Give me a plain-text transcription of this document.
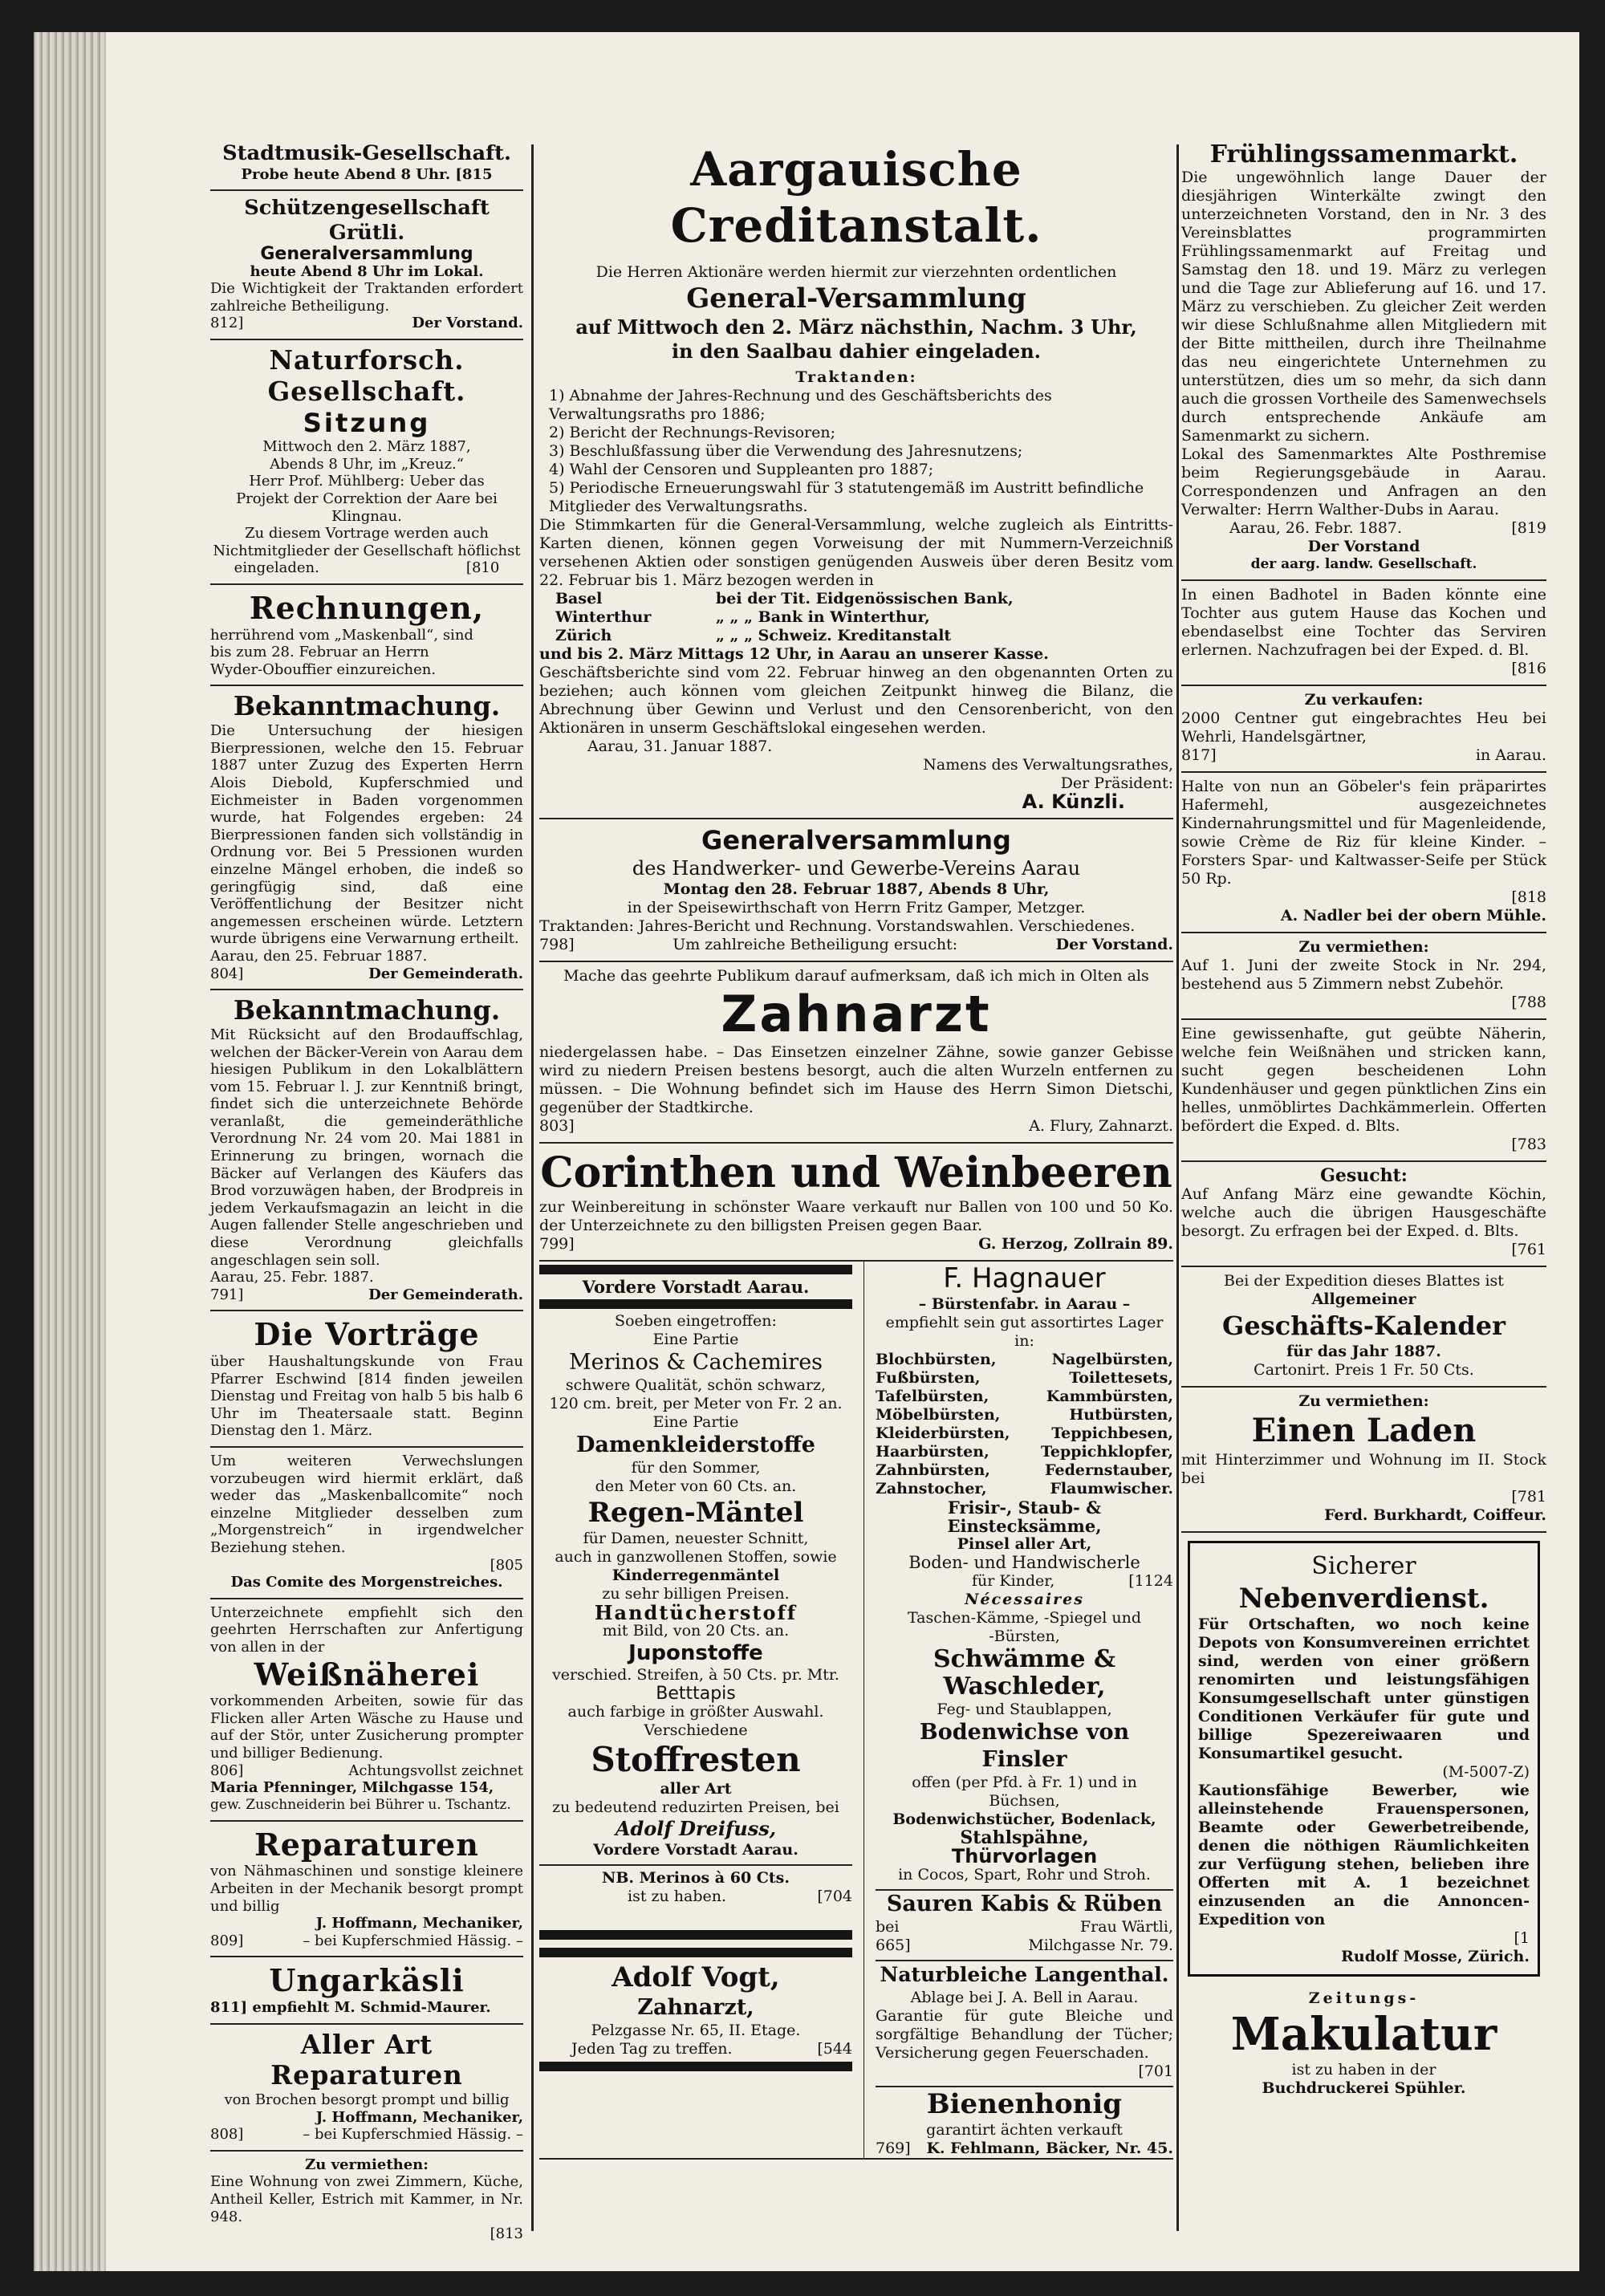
Stadtmusik-Gesellschaft.
Probe heute Abend 8 Uhr. [815
Schützengesellschaft Grütli.
Generalversammlung
heute Abend 8 Uhr im Lokal.
Die Wichtigkeit der Traktanden erfordert zahlreiche Betheiligung.
812]	Der Vorstand.
Naturforsch. Gesellschaft.
Sitzung
Mittwoch den 2. März 1887,
Abends 8 Uhr, im „Kreuz.“
Herr Prof. Mühlberg: Ueber das
Projekt der Correktion der Aare bei
Klingnau.
Zu diesem Vortrage werden auch
Nichtmitglieder der Gesellschaft höflichst
eingeladen.                                [810
Rechnungen,
herrührend vom „Maskenball“, sind
bis zum 28. Februar an Herrn
Wyder-Obouffier einzureichen.
Bekanntmachung.
Die Untersuchung der hiesigen Bierpressionen, welche den 15. Februar 1887 unter Zuzug des Experten Herrn Alois Diebold, Kupferschmied und Eichmeister in Baden vorgenommen wurde, hat Folgendes ergeben: 24 Bierpressionen fanden sich vollständig in Ordnung vor. Bei 5 Pressionen wurden einzelne Mängel erhoben, die indeß so geringfügig sind, daß eine Veröffentlichung der Besitzer nicht angemessen erscheinen würde. Letztern wurde übrigens eine Verwarnung ertheilt.
Aarau, den 25. Februar 1887.
804]	Der Gemeinderath.
Bekanntmachung.
Mit Rücksicht auf den Brodauffschlag, welchen der Bäcker-Verein von Aarau dem hiesigen Publikum in den Lokalblättern vom 15. Februar l. J. zur Kenntniß bringt, findet sich die unterzeichnete Behörde veranlaßt, die gemeinderäthliche Verordnung Nr. 24 vom 20. Mai 1881 in Erinnerung zu bringen, wornach die Bäcker auf Verlangen des Käufers das Brod vorzuwägen haben, der Brodpreis in jedem Verkaufsmagazin an leicht in die Augen fallender Stelle angeschrieben und diese Verordnung gleichfalls angeschlagen sein soll.
Aarau, 25. Febr. 1887.
791]	Der Gemeinderath.
Die Vorträge
über Haushaltungskunde von Frau Pfarrer Eschwind [814 finden jeweilen Dienstag und Freitag von halb 5 bis halb 6 Uhr im Theatersaale statt. Beginn Dienstag den 1. März.
Um weiteren Verwechslungen vorzubeugen wird hiermit erklärt, daß weder das „Maskenballcomite“ noch einzelne Mitglieder desselben zum „Morgenstreich“ in irgendwelcher Beziehung stehen.
[805
Das Comite des Morgenstreiches.
Unterzeichnete empfiehlt sich den geehrten Herrschaften zur Anfertigung von allen in der
Weißnäherei
vorkommenden Arbeiten, sowie für das Flicken aller Arten Wäsche zu Hause und auf der Stör, unter Zusicherung prompter und billiger Bedienung.
806]	Achtungsvollst zeichnet
Maria Pfenninger, Milchgasse 154,
gew. Zuschneiderin bei Bührer u. Tschantz.
Reparaturen
von Nähmaschinen und sonstige kleinere Arbeiten in der Mechanik besorgt prompt und billig
J. Hoffmann, Mechaniker,
809]	– bei Kupferschmied Hässig. –
Ungarkäsli
811] empfiehlt M. Schmid-Maurer.
Aller Art Reparaturen
von Brochen besorgt prompt und billig
J. Hoffmann, Mechaniker,
808]	– bei Kupferschmied Hässig. –
Zu vermiethen:
Eine Wohnung von zwei Zimmern, Küche, Antheil Keller, Estrich mit Kammer, in Nr. 948.
[813
Aargauische Creditanstalt.
Die Herren Aktionäre werden hiermit zur vierzehnten ordentlichen
General-Versammlung
auf Mittwoch den 2. März nächsthin, Nachm. 3 Uhr,
in den Saalbau dahier eingeladen.
Traktanden:
1) Abnahme der Jahres-Rechnung und des Geschäftsberichts des Verwaltungsraths pro 1886;
2) Bericht der Rechnungs-Revisoren;
3) Beschlußfassung über die Verwendung des Jahresnutzens;
4) Wahl der Censoren und Suppleanten pro 1887;
5) Periodische Erneuerungswahl für 3 statutengemäß im Austritt befindliche Mitglieder des Verwaltungsraths.
Die Stimmkarten für die General-Versammlung, welche zugleich als Eintritts-Karten dienen, können gegen Vorweisung der mit Nummern-Verzeichniß versehenen Aktien oder sonstigen genügenden Ausweis über deren Besitz vom 22. Februar bis 1. März bezogen werden in
Basel	bei der Tit. Eidgenössischen Bank,
Winterthur	„ „ „ Bank in Winterthur,
Zürich	„ „ „ Schweiz. Kreditanstalt
und bis 2. März Mittags 12 Uhr, in Aarau an unserer Kasse.
Geschäftsberichte sind vom 22. Februar hinweg an den obgenannten Orten zu beziehen; auch können vom gleichen Zeitpunkt hinweg die Bilanz, die Abrechnung über Gewinn und Verlust und den Censorenbericht, von den Aktionären in unserm Geschäftslokal eingesehen werden.
Aarau, 31. Januar 1887.
Namens des Verwaltungsrathes,
Der Präsident:
A. Künzli.
Generalversammlung
des Handwerker- und Gewerbe-Vereins Aarau
Montag den 28. Februar 1887, Abends 8 Uhr,
in der Speisewirthschaft von Herrn Fritz Gamper, Metzger.
Traktanden: Jahres-Bericht und Rechnung. Vorstandswahlen. Verschiedenes.
798]	Um zahlreiche Betheiligung ersucht:	Der Vorstand.
Mache das geehrte Publikum darauf aufmerksam, daß ich mich in Olten als
Zahnarzt
niedergelassen habe. – Das Einsetzen einzelner Zähne, sowie ganzer Gebisse wird zu niedern Preisen bestens besorgt, auch die alten Wurzeln entfernen zu müssen. – Die Wohnung befindet sich im Hause des Herrn Simon Dietschi, gegenüber der Stadtkirche.
803]	A. Flury, Zahnarzt.
Corinthen und Weinbeeren
zur Weinbereitung in schönster Waare verkauft nur Ballen von 100 und 50 Ko. der Unterzeichnete zu den billigsten Preisen gegen Baar.
799]	G. Herzog, Zollrain 89.
Vordere Vorstadt Aarau.
Soeben eingetroffen:
Eine Partie
Merinos & Cachemires
schwere Qualität, schön schwarz,
120 cm. breit, per Meter von Fr. 2 an.
Eine Partie
Damenkleiderstoffe
für den Sommer,
den Meter von 60 Cts. an.
Regen-Mäntel
für Damen, neuester Schnitt,
auch in ganzwollenen Stoffen, sowie
Kinderregenmäntel
zu sehr billigen Preisen.
Handtücherstoff
mit Bild, von 20 Cts. an.
Juponstoffe
verschied. Streifen, à 50 Cts. pr. Mtr.
Betttapis
auch farbige in größter Auswahl.
Verschiedene
Stoffresten
aller Art
zu bedeutend reduzirten Preisen, bei
Adolf Dreifuss,
Vordere Vorstadt Aarau.
NB. Merinos à 60 Cts.
ist zu haben.	[704
Adolf Vogt,
Zahnarzt,
Pelzgasse Nr. 65, II. Etage.
Jeden Tag zu treffen.	[544
F. Hagnauer
– Bürstenfabr. in Aarau –
empfiehlt sein gut assortirtes Lager in:
Blochbürsten,	Nagelbürsten,
Fußbürsten,	Toilettesets,
Tafelbürsten,	Kammbürsten,
Möbelbürsten,	Hutbürsten,
Kleiderbürsten,	Teppichbesen,
Haarbürsten,	Teppichklopfer,
Zahnbürsten,	Federnstauber,
Zahnstocher,	Flaumwischer.
Frisir-, Staub- & Einstecksämme,
Pinsel aller Art,
Boden- und Handwischerle
für Kinder,	[1124
Nécessaires
Taschen-Kämme, -Spiegel und
-Bürsten,
Schwämme & Waschleder,
Feg- und Staublappen,
Bodenwichse von Finsler
offen (per Pfd. à Fr. 1) und in Büchsen,
Bodenwichstücher, Bodenlack,
Stahlspähne,
Thürvorlagen
in Cocos, Spart, Rohr und Stroh.
Sauren Kabis & Rüben
bei	Frau Wärtli,
665]	Milchgasse Nr. 79.
Naturbleiche Langenthal.
Ablage bei J. A. Bell in Aarau.
Garantie für gute Bleiche und sorgfältige Behandlung der Tücher; Versicherung gegen Feuerschaden.
[701
Bienenhonig
garantirt ächten verkauft
769] K. Fehlmann, Bäcker, Nr. 45.
Frühlingssamenmarkt.
Die ungewöhnlich lange Dauer der diesjährigen Winterkälte zwingt den unterzeichneten Vorstand, den in Nr. 3 des Vereinsblattes programmirten Frühlingssamenmarkt auf Freitag und Samstag den 18. und 19. März zu verlegen und die Tage zur Ablieferung auf 16. und 17. März zu verschieben. Zu gleicher Zeit werden wir diese Schlußnahme allen Mitgliedern mit der Bitte mittheilen, durch ihre Theilnahme das neu eingerichtete Unternehmen zu unterstützen, dies um so mehr, da sich dann auch die grossen Vortheile des Samenwechsels durch entsprechende Ankäufe am Samenmarkt zu sichern.
Lokal des Samenmarktes Alte Posthremise beim Regierungsgebäude in Aarau. Correspondenzen und Anfragen an den Verwalter: Herrn Walther-Dubs in Aarau.
Aarau, 26. Febr. 1887.	[819
Der Vorstand
der aarg. landw. Gesellschaft.
In einen Badhotel in Baden könnte eine Tochter aus gutem Hause das Kochen und ebendaselbst eine Tochter das Serviren erlernen. Nachzufragen bei der Exped. d. Bl.
[816
Zu verkaufen:
2000 Centner gut eingebrachtes Heu bei Wehrli, Handelsgärtner,
817]	in Aarau.
Halte von nun an Göbeler's fein präparirtes Hafermehl, ausgezeichnetes Kindernahrungsmittel und für Magenleidende, sowie Crème de Riz für kleine Kinder. – Forsters Spar- und Kaltwasser-Seife per Stück 50 Rp.
[818
A. Nadler bei der obern Mühle.
Zu vermiethen:
Auf 1. Juni der zweite Stock in Nr. 294, bestehend aus 5 Zimmern nebst Zubehör.
[788
Eine gewissenhafte, gut geübte Näherin, welche fein Weißnähen und stricken kann, sucht gegen bescheidenen Lohn Kundenhäuser und gegen pünktlichen Zins ein helles, unmöblirtes Dachkämmerlein. Offerten befördert die Exped. d. Blts.
[783
Gesucht:
Auf Anfang März eine gewandte Köchin, welche auch die übrigen Hausgeschäfte besorgt. Zu erfragen bei der Exped. d. Blts.
[761
Bei der Expedition dieses Blattes ist
Allgemeiner
Geschäfts-Kalender
für das Jahr 1887.
Cartonirt. Preis 1 Fr. 50 Cts.
Zu vermiethen:
Einen Laden
mit Hinterzimmer und Wohnung im II. Stock bei
[781
Ferd. Burkhardt, Coiffeur.
Sicherer
Nebenverdienst.
Für Ortschaften, wo noch keine Depots von Konsumvereinen errichtet sind, werden von einer größern renomirten und leistungsfähigen Konsumgesellschaft unter günstigen Conditionen Verkäufer für gute und billige Spezereiwaaren und Konsumartikel gesucht.
(M-5007-Z)
Kautionsfähige Bewerber, wie alleinstehende Frauenspersonen, Beamte oder Gewerbetreibende, denen die nöthigen Räumlichkeiten zur Verfügung stehen, belieben ihre Offerten mit A. 1 bezeichnet einzusenden an die Annoncen-Expedition von
[1
Rudolf Mosse, Zürich.
Zeitungs-
Makulatur
ist zu haben in der
Buchdruckerei Spühler.
